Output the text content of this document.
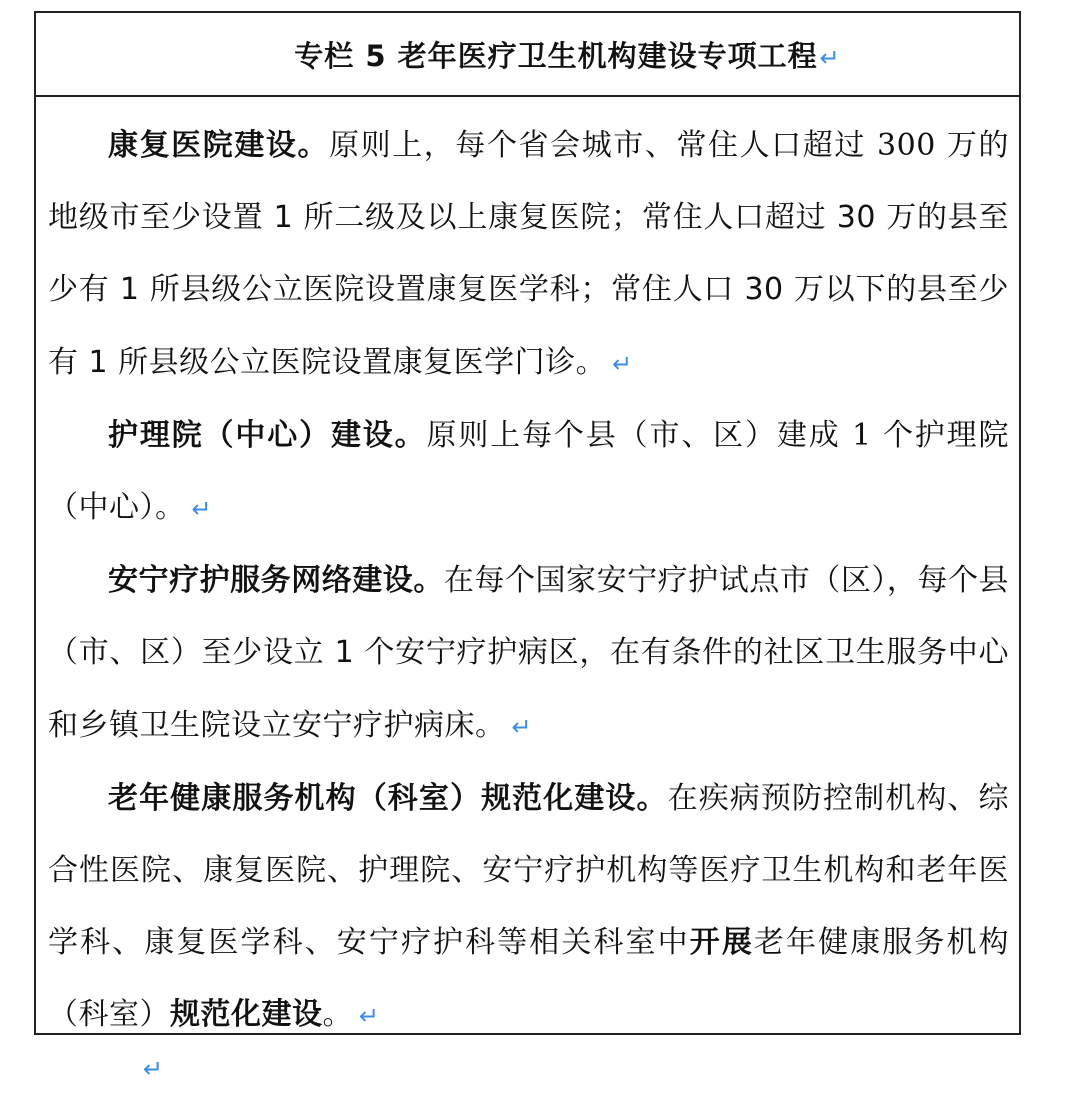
专栏 5 老年医疗卫生机构建设专项工程↵

康复医院建设。原则上，每个省会城市、常住人口超过 300 万的地级市至少设置 1 所二级及以上康复医院；常住人口超过 30 万的县至少有 1 所县级公立医院设置康复医学科；常住人口 30 万以下的县至少有 1 所县级公立医院设置康复医学门诊。 ↵

护理院（中心）建设。原则上每个县（市、区）建成 1 个护理院（中心）。 ↵

安宁疗护服务网络建设。在每个国家安宁疗护试点市（区），每个县（市、区）至少设立 1 个安宁疗护病区，在有条件的社区卫生服务中心和乡镇卫生院设立安宁疗护病床。 ↵

老年健康服务机构（科室）规范化建设。在疾病预防控制机构、综合性医院、康复医院、护理院、安宁疗护机构等医疗卫生机构和老年医学科、康复医学科、安宁疗护科等相关科室中开展老年健康服务机构（科室）规范化建设。 ↵

↵
